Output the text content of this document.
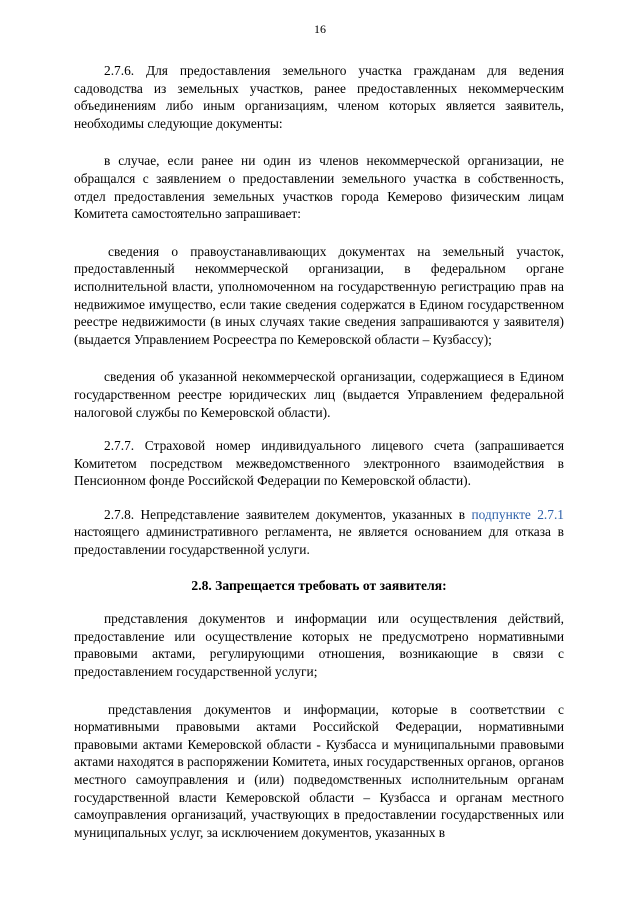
16

2.7.6. Для предоставления земельного участка гражданам для ведения садоводства из земельных участков, ранее предоставленных некоммерческим объединениям либо иным организациям, членом которых является заявитель, необходимы следующие документы:

в случае, если ранее ни один из членов некоммерческой организации, не обращался с заявлением о предоставлении земельного участка в собственность, отдел предоставления земельных участков города Кемерово физическим лицам Комитета самостоятельно запрашивает:

сведения о правоустанавливающих документах на земельный участок, предоставленный некоммерческой организации, в федеральном органе исполнительной власти, уполномоченном на государственную регистрацию прав на недвижимое имущество, если такие сведения содержатся в Едином государственном реестре недвижимости (в иных случаях такие сведения запрашиваются у заявителя) (выдается Управлением Росреестра по Кемеровской области – Кузбассу);

сведения об указанной некоммерческой организации, содержащиеся в Едином государственном реестре юридических лиц (выдается Управлением федеральной налоговой службы по Кемеровской области).

2.7.7. Страховой номер индивидуального лицевого счета (запрашивается Комитетом посредством межведомственного электронного взаимодействия в Пенсионном фонде Российской Федерации по Кемеровской области).

2.7.8. Непредставление заявителем документов, указанных в подпункте 2.7.1 настоящего административного регламента, не является основанием для отказа в предоставлении государственной услуги.

2.8. Запрещается требовать от заявителя:

представления документов и информации или осуществления действий, предоставление или осуществление которых не предусмотрено нормативными правовыми актами, регулирующими отношения, возникающие в связи с предоставлением государственной услуги;

представления документов и информации, которые в соответствии с нормативными правовыми актами Российской Федерации, нормативными правовыми актами Кемеровской области - Кузбасса и муниципальными правовыми актами находятся в распоряжении Комитета, иных государственных органов, органов местного самоуправления и (или) подведомственных исполнительным органам государственной власти Кемеровской области – Кузбасса и органам местного самоуправления организаций, участвующих в предоставлении государственных или муниципальных услуг, за исключением документов, указанных в
